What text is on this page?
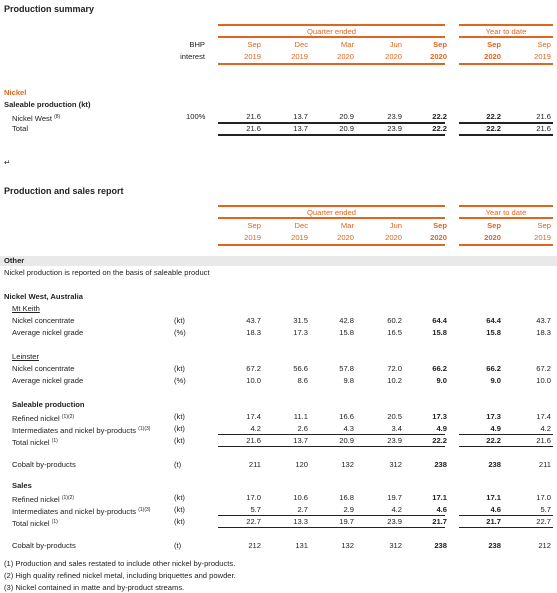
Production summary
Quarter ended	Year to date
BHP
interest
Sep
2019
Dec
2019
Mar
2020
Jun
2020
Sep
2020
Sep
2020
Sep
2019
Nickel
Saleable production (kt)
Nickel West $^{(8)}$	100%	21.6	13.7	20.9	23.9	22.2	22.2	21.6
Total	21.6	13.7	20.9	23.9	22.2	22.2	21.6
↵
Production and sales report
Quarter ended	Year to date
Sep
2019
Dec
2019
Mar
2020
Jun
2020
Sep
2020
Sep
2020
Sep
2019
Other
Nickel production is reported on the basis of saleable product
Nickel West, Australia
Mt Keith
Nickel concentrate	(kt)	43.7	31.5	42.8	60.2	64.4	64.4	43.7
Average nickel grade	(%)	18.3	17.3	15.8	16.5	15.8	15.8	18.3
Leinster
Nickel concentrate	(kt)	67.2	56.6	57.8	72.0	66.2	66.2	67.2
Average nickel grade	(%)	10.0	8.6	9.8	10.2	9.0	9.0	10.0
Saleable production
Refined nickel $^{(1)(2)}$	(kt)	17.4	11.1	16.6	20.5	17.3	17.3	17.4
Intermediates and nickel by-products $^{(1)(3)}$	(kt)	4.2	2.6	4.3	3.4	4.9	4.9	4.2
Total nickel $^{(1)}$	(kt)	21.6	13.7	20.9	23.9	22.2	22.2	21.6
Cobalt by-products	(t)	211	120	132	312	238	238	211
Sales
Refined nickel $^{(1)(2)}$	(kt)	17.0	10.6	16.8	19.7	17.1	17.1	17.0
Intermediates and nickel by-products $^{(1)(3)}$	(kt)	5.7	2.7	2.9	4.2	4.6	4.6	5.7
Total nickel $^{(1)}$	(kt)	22.7	13.3	19.7	23.9	21.7	21.7	22.7
Cobalt by-products	(t)	212	131	132	312	238	238	212
(1) Production and sales restated to include other nickel by-products.
(2) High quality refined nickel metal, including briquettes and powder.
(3) Nickel contained in matte and by-product streams.
